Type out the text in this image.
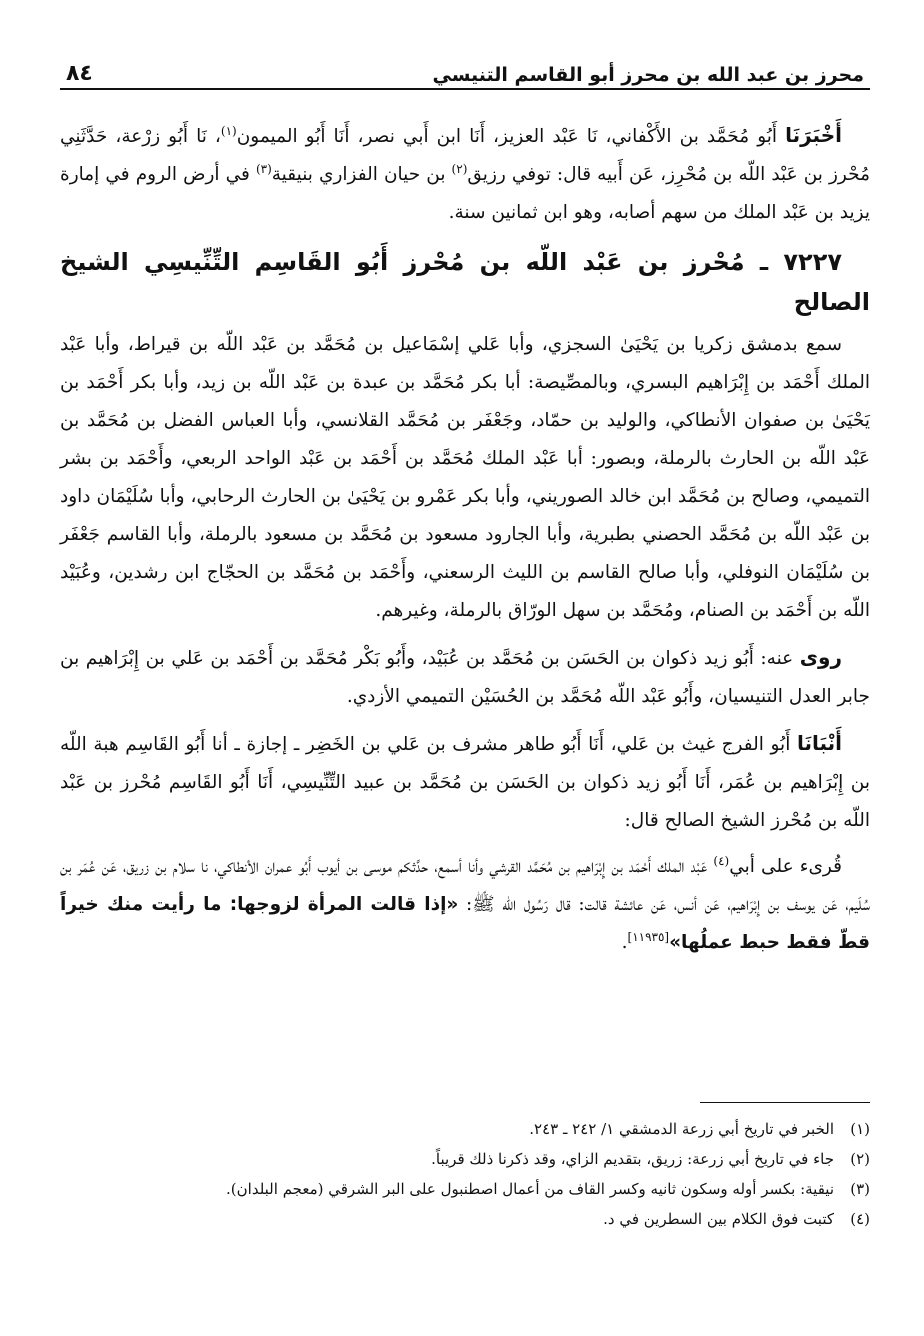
محرز بن عبد الله بن محرز أبو القاسم التنيسي
٨٤

أَخْبَرَنَا أَبُو مُحَمَّد بن الأَكْفاني، نَا عَبْد العزيز، أَنَا ابن أَبي نصر، أَنَا أَبُو الميمون$^{(١)}$، نَا أَبُو زرْعة، حَدَّثَنِي مُحْرز بن عَبْد اللّه بن مُحْرِز، عَن أَبيه قال: توفي رزيق$^{(٢)}$ بن حيان الفزاري بنيقية$^{(٣)}$ في أرض الروم في إمارة يزيد بن عَبْد الملك من سهم أصابه، وهو ابن ثمانين سنة.

٧٢٢٧ ـ مُحْرز بن عَبْد اللّه بن مُحْرز أَبُو القَاسِم التِّنِّيسِي الشيخ الصالح

سمع بدمشق زكريا بن يَحْيَىٰ السجزي، وأبا عَلي إسْمَاعيل بن مُحَمَّد بن عَبْد اللّه بن قيراط، وأبا عَبْد الملك أَحْمَد بن إِبْرَاهيم البسري، وبالمصِّيصة: أبا بكر مُحَمَّد بن عبدة بن عَبْد اللّه بن زيد، وأبا بكر أَحْمَد بن يَحْيَىٰ بن صفوان الأنطاكي، والوليد بن حمّاد، وجَعْفَر بن مُحَمَّد القلانسي، وأبا العباس الفضل بن مُحَمَّد بن عَبْد اللّه بن الحارث بالرملة، وبصور: أبا عَبْد الملك مُحَمَّد بن أَحْمَد بن عَبْد الواحد الربعي، وأَحْمَد بن بشر التميمي، وصالح بن مُحَمَّد ابن خالد الصوريني، وأبا بكر عَمْرو بن يَحْيَىٰ بن الحارث الرحابي، وأبا سُلَيْمَان داود بن عَبْد اللّه بن مُحَمَّد الحصني بطبرية، وأبا الجارود مسعود بن مُحَمَّد بن مسعود بالرملة، وأبا القاسم جَعْفَر بن سُلَيْمَان النوفلي، وأبا صالح القاسم بن الليث الرسعني، وأَحْمَد بن مُحَمَّد بن الحجّاج ابن رشدين، وعُبَيْد اللّه بن أَحْمَد بن الصنام، ومُحَمَّد بن سهل الورّاق بالرملة، وغيرهم.

روى عنه: أَبُو زيد ذكوان بن الحَسَن بن مُحَمَّد بن عُبَيْد، وأَبُو بَكْر مُحَمَّد بن أَحْمَد بن عَلي بن إِبْرَاهيم بن جابر العدل التنيسيان، وأَبُو عَبْد اللّه مُحَمَّد بن الحُسَيْن التميمي الأزدي.

أَنْبَانَا أَبُو الفرج غيث بن عَلي، أَنَا أَبُو طاهر مشرف بن عَلي بن الخَضِر ـ إجازة ـ أنا أَبُو القَاسِم هبة اللّه بن إِبْرَاهيم بن عُمَر، أَنَا أَبُو زيد ذكوان بن الحَسَن بن مُحَمَّد بن عبيد التِّنِّيسِي، أَنَا أَبُو القَاسِم مُحْرز بن عَبْد اللّه بن مُحْرز الشيخ الصالح قال:

قُرىء على أبي$^{(٤)}$ عَبْد الملك أَحْمَد بن إِبْرَاهيم بن مُحَمَّد القرشي وأنا أسمع، حدَّثكم موسى بن أيوب أَبُو عمران الأنطاكي، نا سلام بن زريق، عَن عُمَر بن سُلَيم، عَن يوسف بن إِبْرَاهيم، عَن أنس، عَن عائشة قالت: قال رَسُول اللّه ﷺ: «إذا قالت المرأة لزوجها: ما رأيت منك خيراً قطّ فقط حبط عملُها»[١١٩٣٥].

(١)
الخبر في تاريخ أبي زرعة الدمشقي ١/ ٢٤٢ ـ ٢٤٣.

(٢)
جاء في تاريخ أبي زرعة: زريق، بتقديم الزاي، وقد ذكرنا ذلك قريباً.

(٣)
نيقية: بكسر أوله وسكون ثانيه وكسر القاف من أعمال اصطنبول على البر الشرقي (معجم البلدان).

(٤)
كتبت فوق الكلام بين السطرين في د.
